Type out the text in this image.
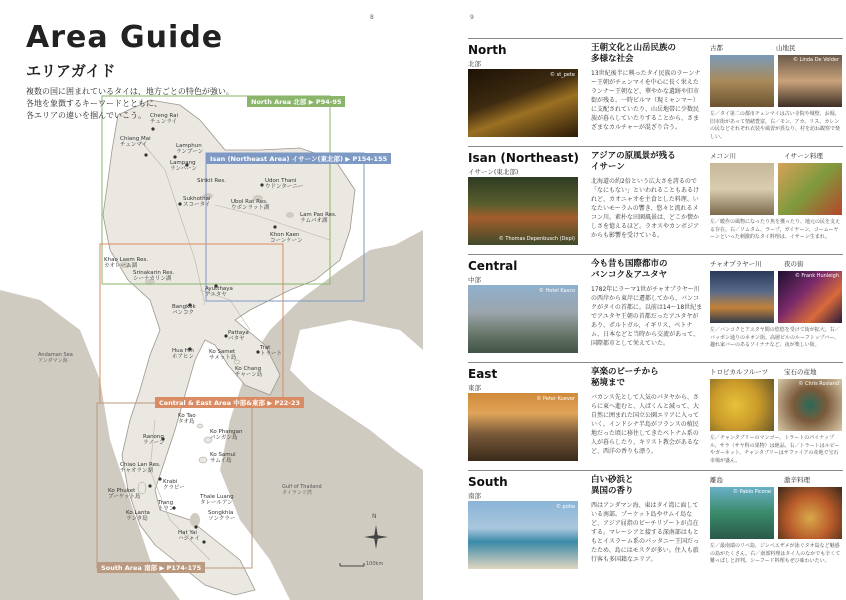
8
Area Guide
エリアガイド
複数の国に囲まれているタイは、地方ごとの特色が強い。
各地を象徴するキーワードとともに、
各エリアの違いを掴んでいこう。
North Area 北部 ▶ P94-95
Isan (Northeast Area) イサーン(東北部) ▶ P154-155
Central & East Area 中部&東部 ▶ P22-23
South Area 南部 ▶ P174-175
Cheng Rai
チェンライ
Chiang Mai
チェンマイ	Lamphun
ランプーン
Lampang
ランパーン
Sukhothai
スコータイ
Sirikit Res.
Ubol Rat Res.
ウボンラット湖
Udon Thani
ウドンターニー
Lam Pao Res.
ラムパオ湖
Khon Kaen
コーンケーン
Khao Laem Res.
カオレーム湖
Srinakarin Res.
シーナカリン湖
Ayutthaya
アユタヤ
Bangkok
バンコク
Pattaya
パタヤ
Hua Hin
ホアヒン
Ko Samet
サメット島
Trat
トラート
Ko Chang
チャーン島
Ko Tao
タオ島
Ko Phangan
パンガン島
Ko Samui
サムイ島
Ranong
ラノーン
Chiao Lan Res.
チャオラン湖
Ko Phuket
プーケット島
Krabi
クラビー
Trang
トラン
Thale Luang
タレールアン
Songkhla
ソンクラー
Hat Yai
ハジャイ
Ko Lanta
ランタ島
Andaman Sea
アンダマン海
Gulf of Thailand
タイランド湾
N
100km
9
North
北部
© st_pete
王朝文化と山岳民族の
多様な社会
13世紀後半に興ったタイ民族のラーンナー王朝がチェンマイを中心に長く栄えたランナー王朝など、華やかな遺跡や旧市街が残る。一時ビルマ（現ミャンマー）に支配されていたり、山岳地帯に少数民族が暮らしていたりすることから、さまざまなカルチャーが混ざり合う。
古都	山地民
© Linda De Volder
左／タイ第二の都市チェンマイは古い寺院や城壁、お堀、旧市街があって情緒豊富。右／モン、アカ、リス、カレンの民などそれぞれ衣装や風習が異なり、村を訪ね観察で楽しい。
Isan (Northeast)
イサーン(東北部)
© Thomas Depenbusch (Depi)
アジアの原風景が残る
イサーン
北海道の約2倍という広大さを誇るので「なにもない」といわれることもあるけれど、カオニャオを主食とした料理、いなたいモーラムの響き、悠々と流れるメコン川。素朴な田園風景は、どこか懐かしさを憶えるほど。ラオスやカンボジアからも影響を受けている。
メコン川	イサーン料理
左／暖作の風物になったり魚を獲ったり、地元の民を支える存在。右／ソムタム、ラープ、ガイヤーン、コームーヤーンといった刺激的なタイ料理は、イサーン生まれ。
Central
中部
© Hotel Kasco
今も昔も国際都市の
バンコク＆アユタヤ
1782年にラーマ1世がチャオプラヤー川の西岸から東岸に遷都してから、バンコクがタイの首都に。以前は14〜18世紀までアユタヤ王朝の首都だったアユタヤがあり、ポルトガル、イギリス、ベトナム、日本などと当時から交流があって、国際都市として栄えていた。
チャオプラヤー川	夜の街
© Frank Hunleigh
左／バンコクとアユタヤ間の悠悠を受けて街が拡大。右／バッポン通りのネオン街、高層ビルのルーフトップバー、趣れ家バーのあるソイナナなど、夜が楽しい街。
East
東部
© Peter Kuever
享楽のビーチから
秘境まで
バカンス先として人気のパタヤから、さらに東へ進むと、人ばくんと減って、大自然に囲まれた国立公園エリアに入っていく。インドシナ半島がフランスの植民地だった頃に移住してきたベトナム系の人が暮らしたり、キリスト教会があるなど、西洋の香りも漂う。
トロピカルフルーツ 宝石の産地
© Chris Rosland
左／チャンタブリーのマンゴー、トラートのパイナップル、サラ（サヤ科の果物）は絶品。右／トラートはルビーやガーネット、チャンタブリーはサファイアの産地で宝石市場が盛ん。
South
南部
© poha
白い砂浜と
異国の香り
西はアンダマン海、東はタイ湾に面している南部。プーケット島やサムイ島など、アジア屈指のビーチリゾートが点在する。マレーシアと接する深南部はもともとイスラーム系のパッタニー王国だったため、島にはモスクが多い。住人も旅行客も多国籍なエリア。
離島	激辛料理
© Pablo Picone
左／最南端のリペ島、ジンベエザメが泳ぐタオ島など魅惑の島がたくさん。右／南部料理はタイ人のなかでも辛くて難っぱしと評判。シーフード料理もぜひ味わいたい。
